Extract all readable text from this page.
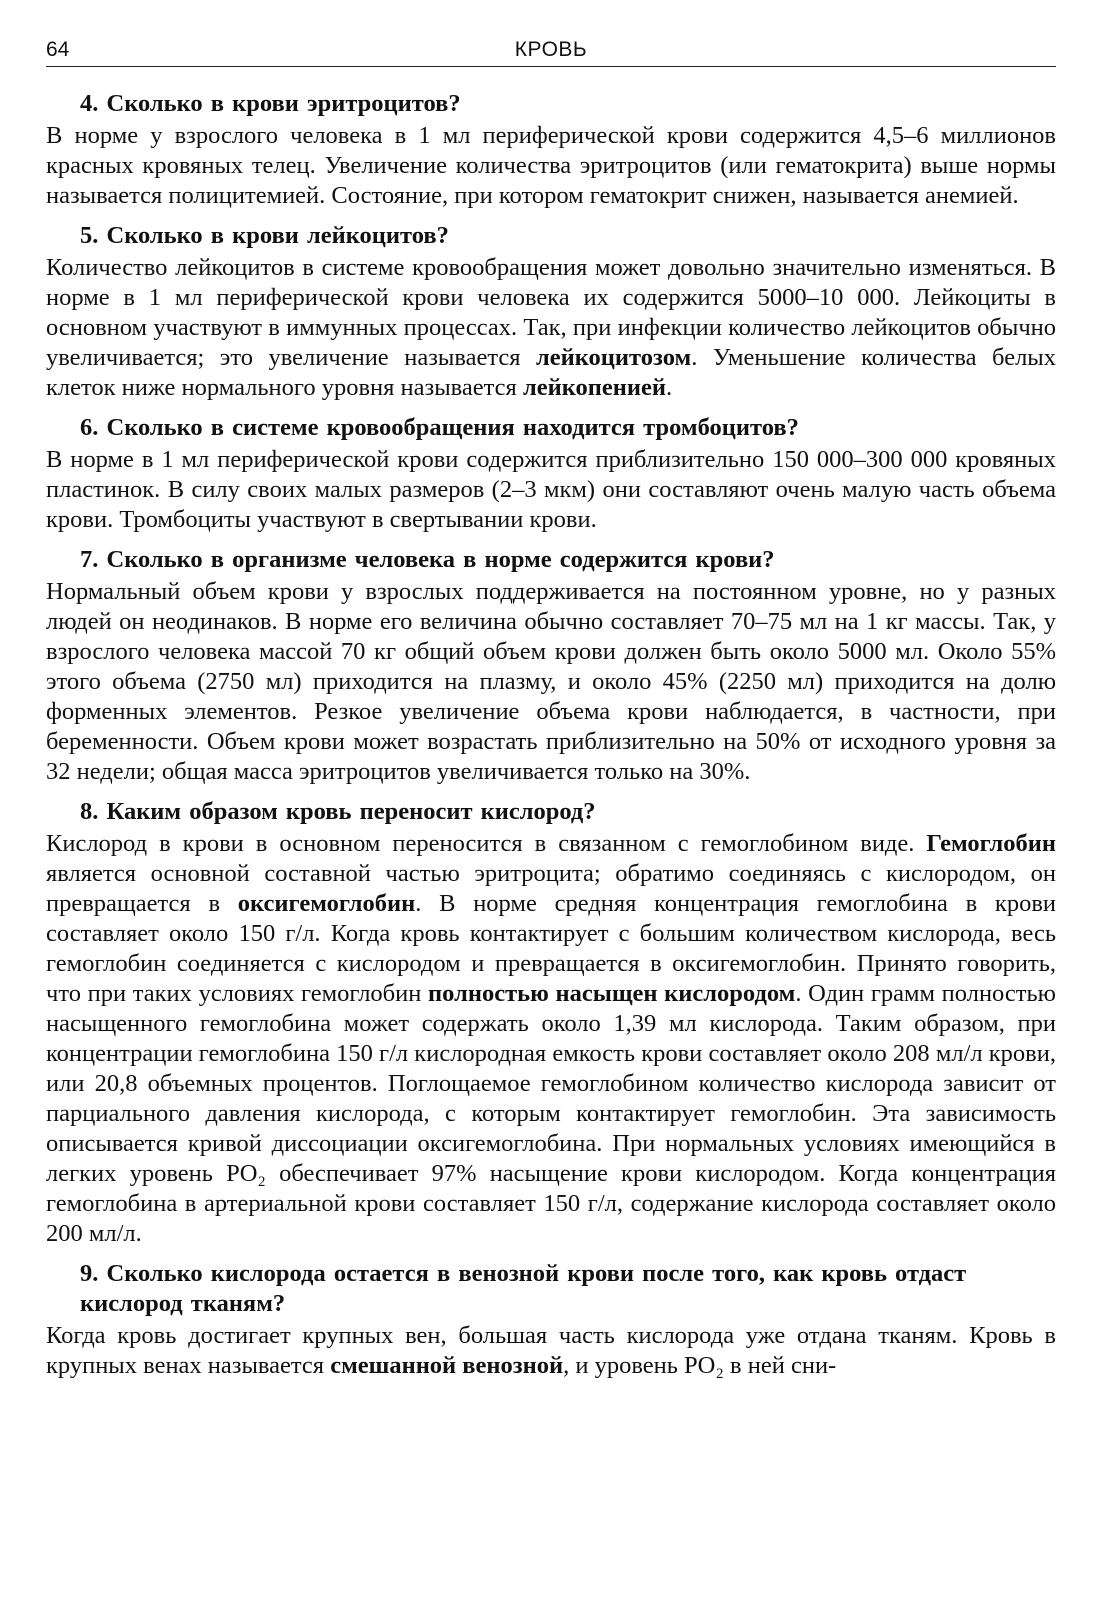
64	КРОВЬ
4. Сколько в крови эритроцитов?

В норме у взрослого человека в 1 мл периферической крови содержится 4,5–6 миллионов красных кровяных телец. Увеличение количества эритроцитов (или гематокрита) выше нормы называется полицитемией. Состояние, при котором гематокрит снижен, называется анемией.

5. Сколько в крови лейкоцитов?

Количество лейкоцитов в системе кровообращения может довольно значительно изменяться. В норме в 1 мл периферической крови человека их содержится 5000–10 000. Лейкоциты в основном участвуют в иммунных процессах. Так, при инфекции количество лейкоцитов обычно увеличивается; это увеличение называется лейкоцитозом. Уменьшение количества белых клеток ниже нормального уровня называется лейкопенией.

6. Сколько в системе кровообращения находится тромбоцитов?

В норме в 1 мл периферической крови содержится приблизительно 150 000–300 000 кровяных пластинок. В силу своих малых размеров (2–3 мкм) они составляют очень малую часть объема крови. Тромбоциты участвуют в свертывании крови.

7. Сколько в организме человека в норме содержится крови?

Нормальный объем крови у взрослых поддерживается на постоянном уровне, но у разных людей он неодинаков. В норме его величина обычно составляет 70–75 мл на 1 кг массы. Так, у взрослого человека массой 70 кг общий объем крови должен быть около 5000 мл. Около 55% этого объема (2750 мл) приходится на плазму, и около 45% (2250 мл) приходится на долю форменных элементов. Резкое увеличение объема крови наблюдается, в частности, при беременности. Объем крови может возрастать приблизительно на 50% от исходного уровня за 32 недели; общая масса эритроцитов увеличивается только на 30%.

8. Каким образом кровь переносит кислород?

Кислород в крови в основном переносится в связанном с гемоглобином виде. Гемоглобин является основной составной частью эритроцита; обратимо соединяясь с кислородом, он превращается в оксигемоглобин. В норме средняя концентрация гемоглобина в крови составляет около 150 г/л. Когда кровь контактирует с большим количеством кислорода, весь гемоглобин соединяется с кислородом и превращается в оксигемоглобин. Принято говорить, что при таких условиях гемоглобин полностью насыщен кислородом. Один грамм полностью насыщенного гемоглобина может содержать около 1,39 мл кислорода. Таким образом, при концентрации гемоглобина 150 г/л кислородная емкость крови составляет около 208 мл/л крови, или 20,8 объемных процентов. Поглощаемое гемоглобином количество кислорода зависит от парциального давления кислорода, с которым контактирует гемоглобин. Эта зависимость описывается кривой диссоциации оксигемоглобина. При нормальных условиях имеющийся в легких уровень PO₂ обеспечивает 97% насыщение крови кислородом. Когда концентрация гемоглобина в артериальной крови составляет 150 г/л, содержание кислорода составляет около 200 мл/л.

9. Сколько кислорода остается в венозной крови после того, как кровь отдаст кислород тканям?

Когда кровь достигает крупных вен, большая часть кислорода уже отдана тканям. Кровь в крупных венах называется смешанной венозной, и уровень PO₂ в ней сни-
